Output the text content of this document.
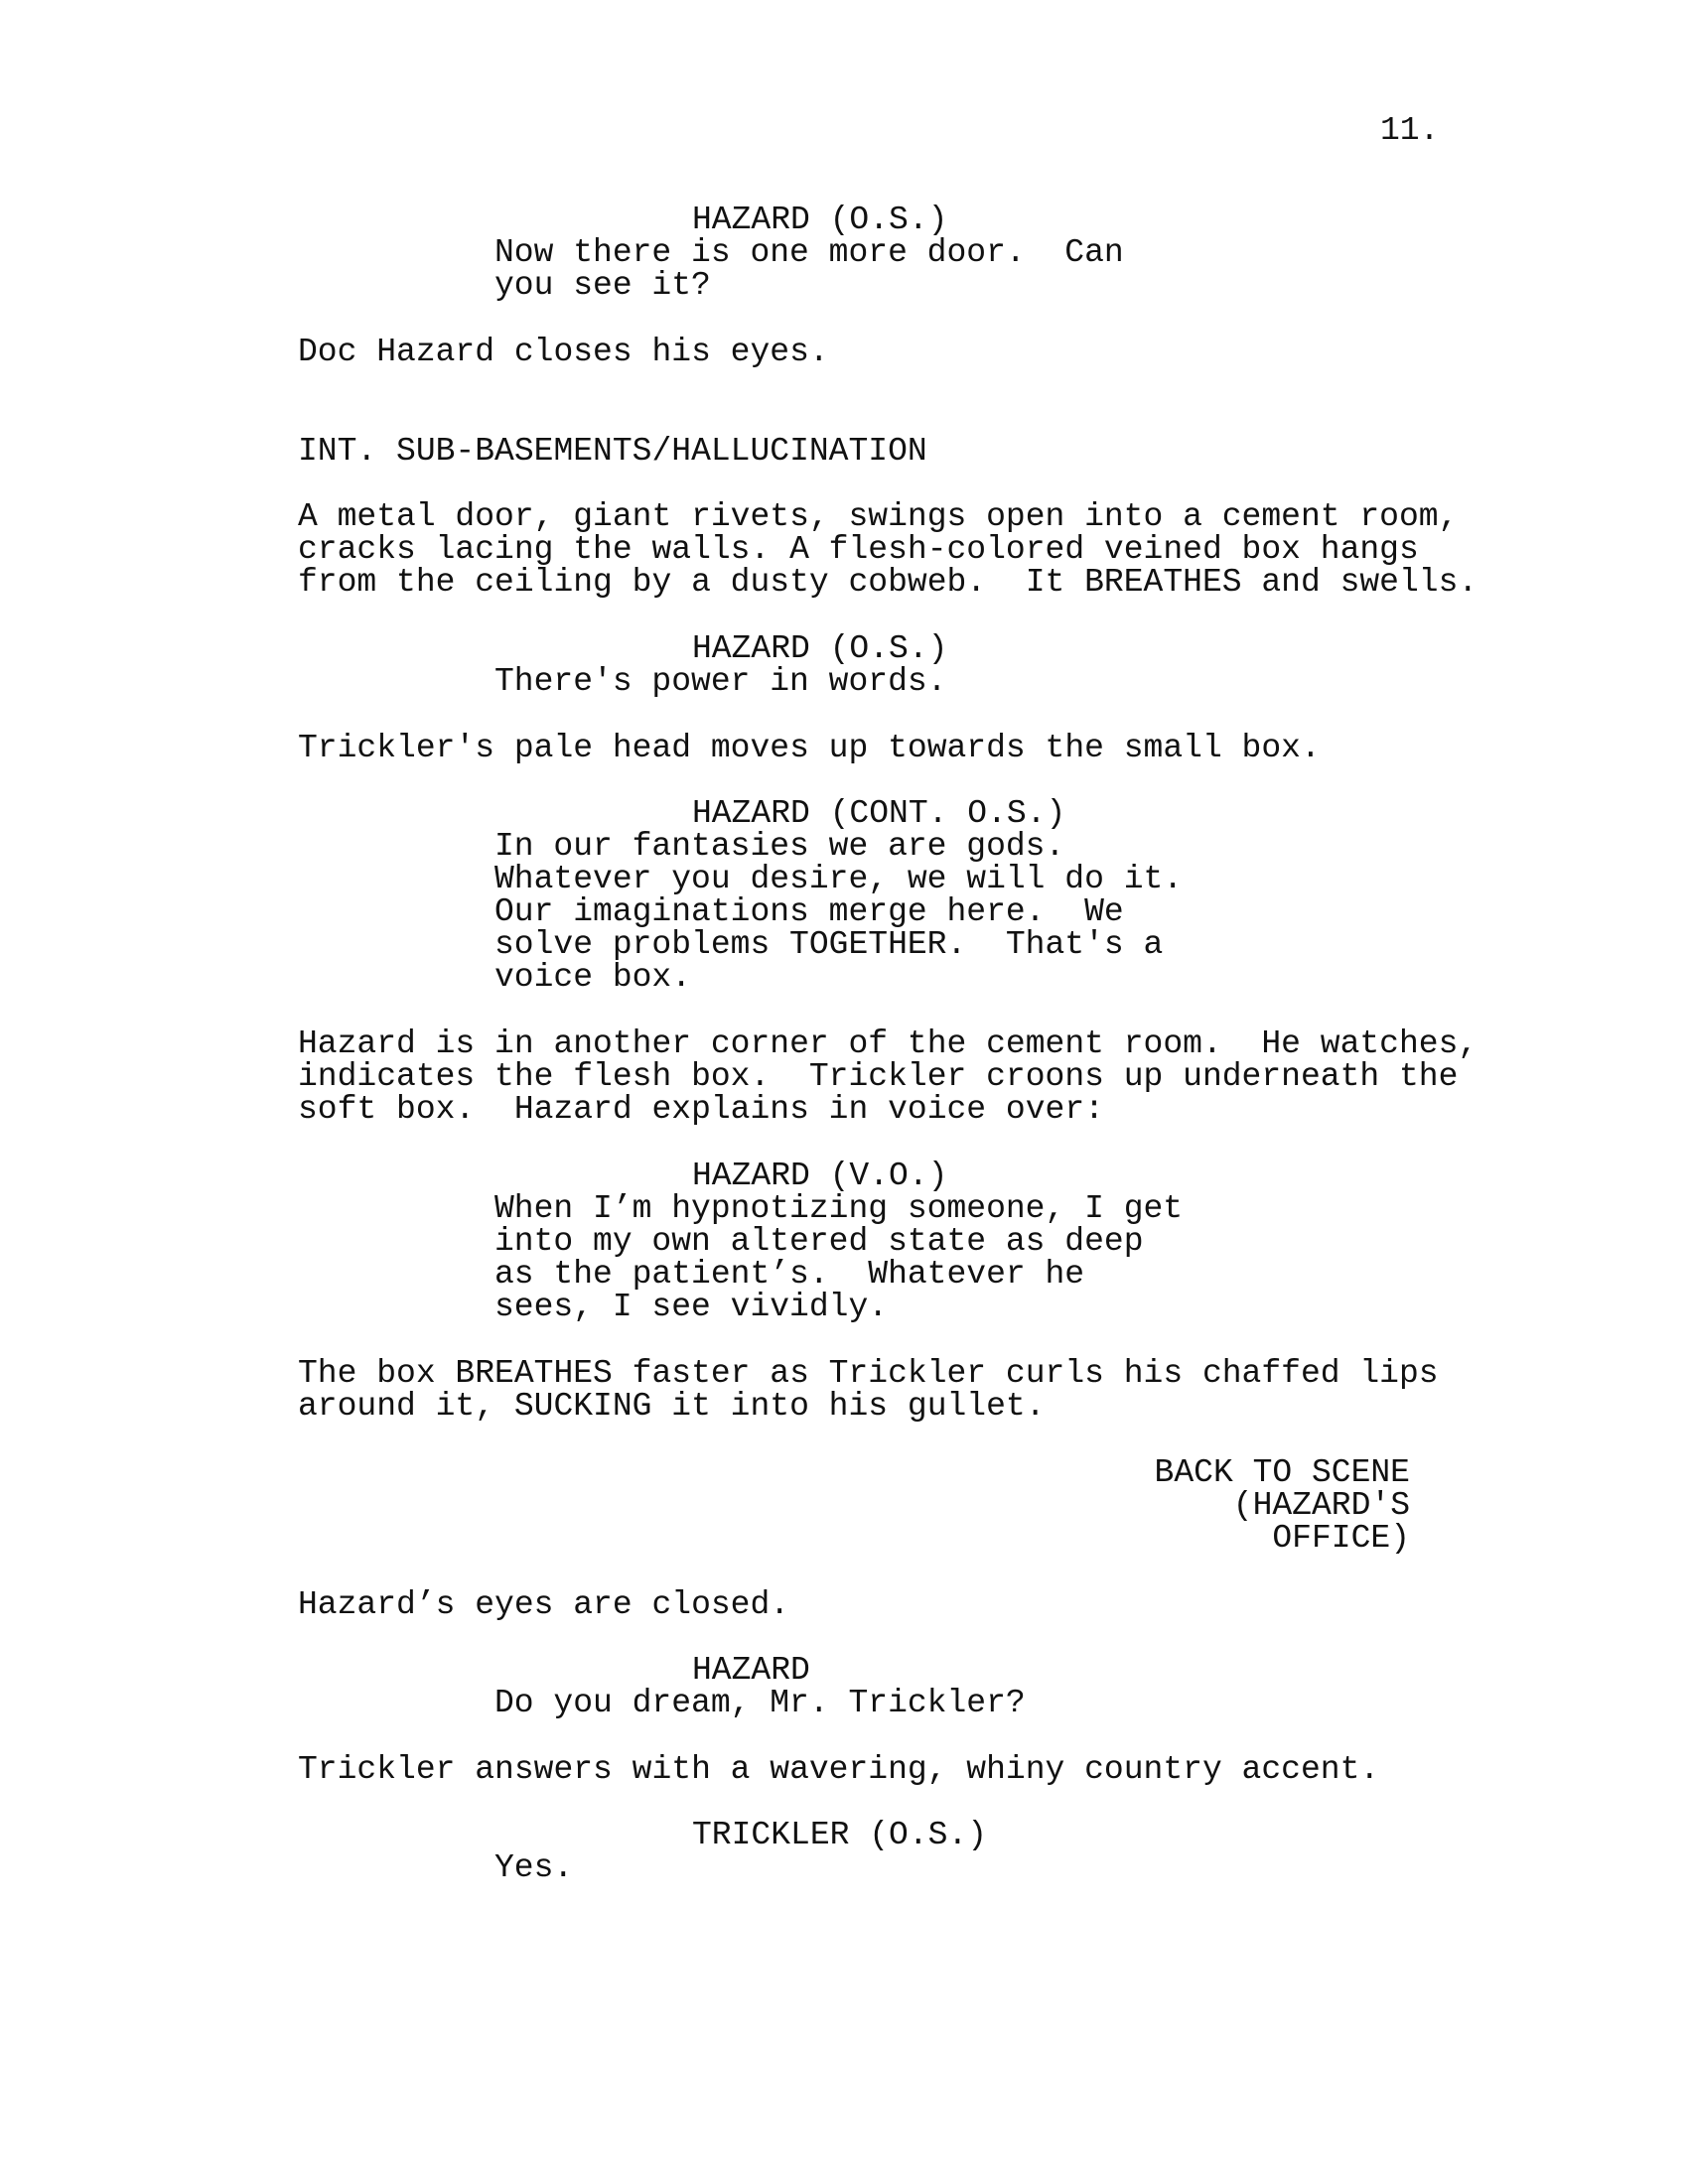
11.
HAZARD (O.S.)
Now there is one more door.  Can
you see it?
Doc Hazard closes his eyes.
INT. SUB-BASEMENTS/HALLUCINATION
A metal door, giant rivets, swings open into a cement room,
cracks lacing the walls. A flesh-colored veined box hangs
from the ceiling by a dusty cobweb.  It BREATHES and swells.
HAZARD (O.S.)
There's power in words.
Trickler's pale head moves up towards the small box.
HAZARD (CONT. O.S.)
In our fantasies we are gods.
Whatever you desire, we will do it.
Our imaginations merge here.  We
solve problems TOGETHER.  That's a
voice box.
Hazard is in another corner of the cement room.  He watches,
indicates the flesh box.  Trickler croons up underneath the
soft box.  Hazard explains in voice over:
HAZARD (V.O.)
When I’m hypnotizing someone, I get
into my own altered state as deep
as the patient’s.  Whatever he
sees, I see vividly.
The box BREATHES faster as Trickler curls his chaffed lips
around it, SUCKING it into his gullet.
BACK TO SCENE
(HAZARD'S
OFFICE)
Hazard’s eyes are closed.
HAZARD
Do you dream, Mr. Trickler?
Trickler answers with a wavering, whiny country accent.
TRICKLER (O.S.)
Yes.
